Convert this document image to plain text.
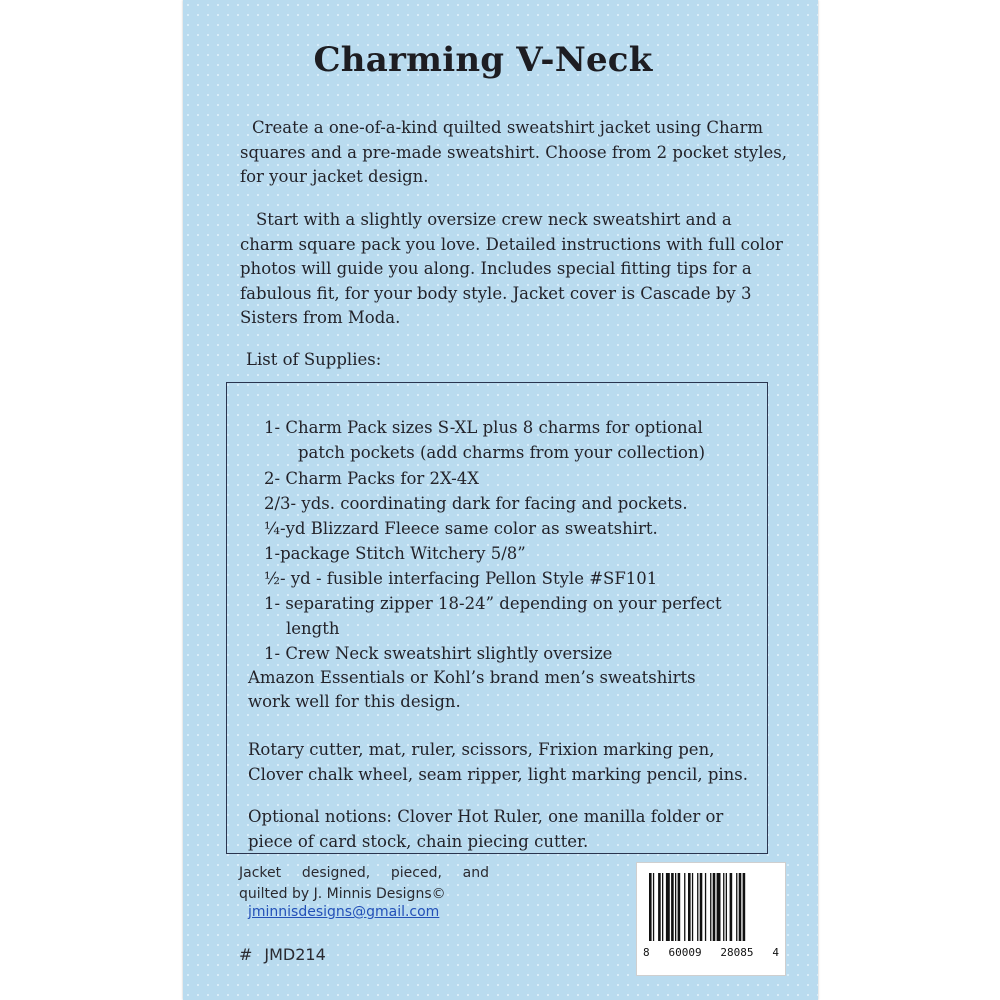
Charming V-Neck

Create a one-of-a-kind quilted sweatshirt jacket using Charm squares and a pre-made sweatshirt. Choose from 2 pocket styles, for your jacket design.

Start with a slightly oversize crew neck sweatshirt and a charm square pack you love. Detailed instructions with full color photos will guide you along. Includes special fitting tips for a fabulous fit, for your body style. Jacket cover is Cascade by 3 Sisters from Moda.

List of Supplies:

1- Charm Pack sizes S-XL plus 8 charms for optional

patch pockets (add charms from your collection)

2- Charm Packs for 2X-4X

2/3- yds. coordinating dark for facing and pockets.

¼-yd Blizzard Fleece same color as sweatshirt.

1-package Stitch Witchery 5/8”

½- yd - fusible interfacing Pellon Style #SF101

1- separating zipper 18-24” depending on your perfect

length

1- Crew Neck sweatshirt slightly oversize

Amazon Essentials or Kohl’s brand men’s sweatshirts

work well for this design.

Rotary cutter, mat, ruler, scissors, Frixion marking pen, Clover chalk wheel, seam ripper, light marking pencil, pins.

Optional notions: Clover Hot Ruler, one manilla folder or piece of card stock, chain piecing cutter.

Jacket designed, pieced, and quilted by J. Minnis Designs©

jminnisdesigns@gmail.com
# JMD214	8 60009 28085 4
